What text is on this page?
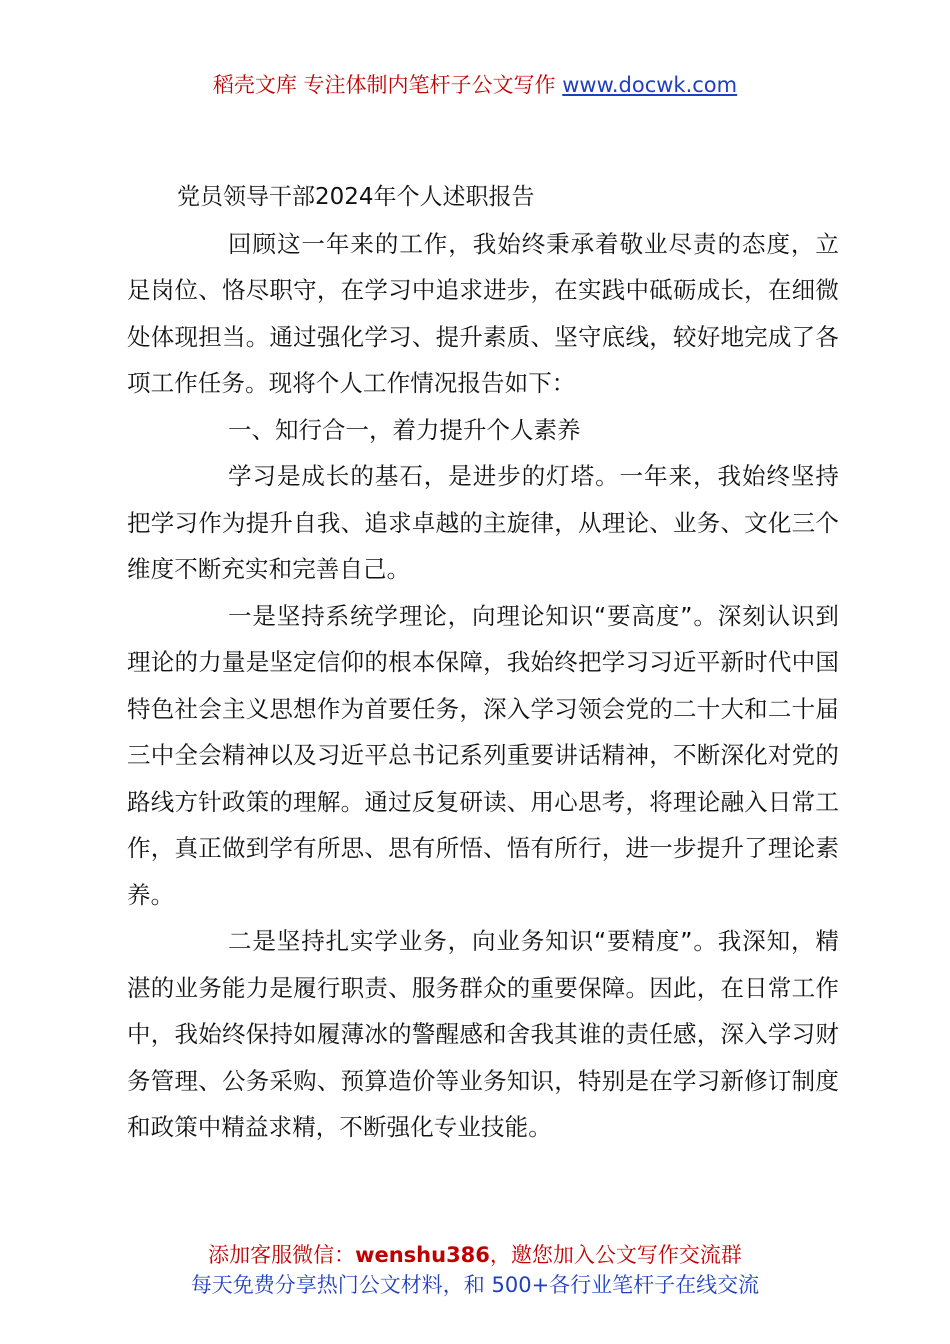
稻壳文库 专注体制内笔杆子公文写作 www.docwk.com
党员领导干部2024年个人述职报告

回顾这一年来的工作，我始终秉承着敬业尽责的态度，立足岗位、恪尽职守，在学习中追求进步，在实践中砥砺成长，在细微处体现担当。通过强化学习、提升素质、坚守底线，较好地完成了各项工作任务。现将个人工作情况报告如下：

一、知行合一，着力提升个人素养

学习是成长的基石，是进步的灯塔。一年来，我始终坚持把学习作为提升自我、追求卓越的主旋律，从理论、业务、文化三个维度不断充实和完善自己。

一是坚持系统学理论，向理论知识“要高度”。深刻认识到理论的力量是坚定信仰的根本保障，我始终把学习习近平新时代中国特色社会主义思想作为首要任务，深入学习领会党的二十大和二十届三中全会精神以及习近平总书记系列重要讲话精神，不断深化对党的路线方针政策的理解。通过反复研读、用心思考，将理论融入日常工作，真正做到学有所思、思有所悟、悟有所行，进一步提升了理论素养。

二是坚持扎实学业务，向业务知识“要精度”。我深知，精湛的业务能力是履行职责、服务群众的重要保障。因此，在日常工作中，我始终保持如履薄冰的警醒感和舍我其谁的责任感，深入学习财务管理、公务采购、预算造价等业务知识，特别是在学习新修订制度和政策中精益求精，不断强化专业技能。

添加客服微信：wenshu386，邀您加入公文写作交流群
每天免费分享热门公文材料，和 500+各行业笔杆子在线交流
